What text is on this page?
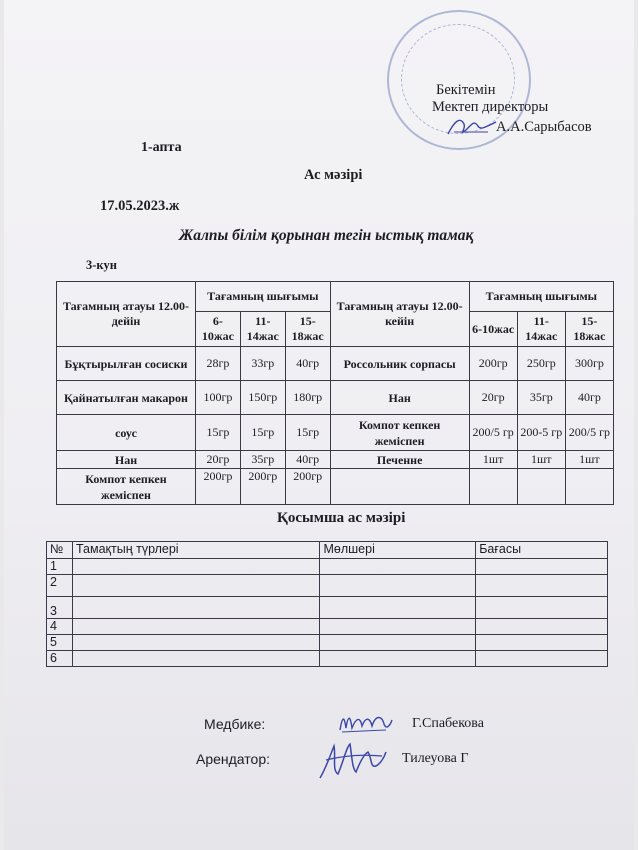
Бекітемін
Мектеп директоры
А.А.Сарыбасов
1-апта
Ас мәзірі
17.05.2023.ж
Жалпы білім қорынан тегін ыстық тамақ
3-кун
Тағамның атауы 12.00-дейін	Тағамның шығымы			Тағамның атауы 12.00-кейін	Тағамның шығымы		
	6-10жас	11-14жас	15-18жас		6-10жас	11-14жас	15-18жас
Бұқтырылған сосиски	28гр	33гр	40гр	Россольник сорпасы	200гр	250гр	300гр
Қайнатылған макарон	100гр	150гр	180гр	Нан	20гр	35гр	40гр
соус	15гр	15гр	15гр	Компот кепкен жемiспен	200/5 гр	200-5 гр	200/5 гр
Нан	20гр	35гр	40гр	Печенне	1шт	1шт	1шт
Компот кепкен жемiспен	200гр	200гр	200гр				
Қосымша ас мәзірі
№	Тамақтың түрлері	Мөлшері	Бағасы
1			
2			
3			
4			
5			
6			
Медбике:	Г.Спабекова
Арендатор:	Тилеуова Г
